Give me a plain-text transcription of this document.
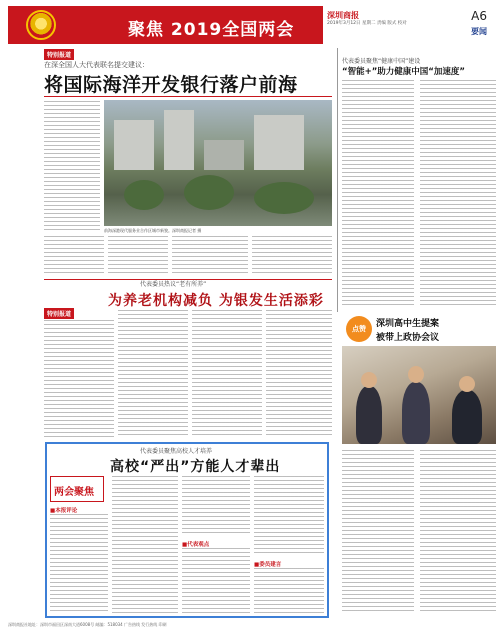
聚焦 2019全国两会
深圳商报	A6
2019年3月12日 星期二 责编 版式 校对
要闻
特别报道
在深全国人大代表联名提交建议：
将国际海洋开发银行落户前海
前海深港现代服务业合作区城市新貌。深圳商报记者 摄
代表委员聚焦“健康中国”建设
“智能+”助力健康中国“加速度”
代表委员热议“老有所养”
为养老机构减负 为银发生活添彩
特别报道
点赞	深圳高中生提案
被带上政协会议
代表委员聚焦高校人才培养
高校“严出”方能人才辈出
两会聚焦
■本报评论
■代表观点
■委员建言
深圳商报社地址：深圳市福田区深南大道6008号 邮编：518034 广告热线 发行热线 印刷
